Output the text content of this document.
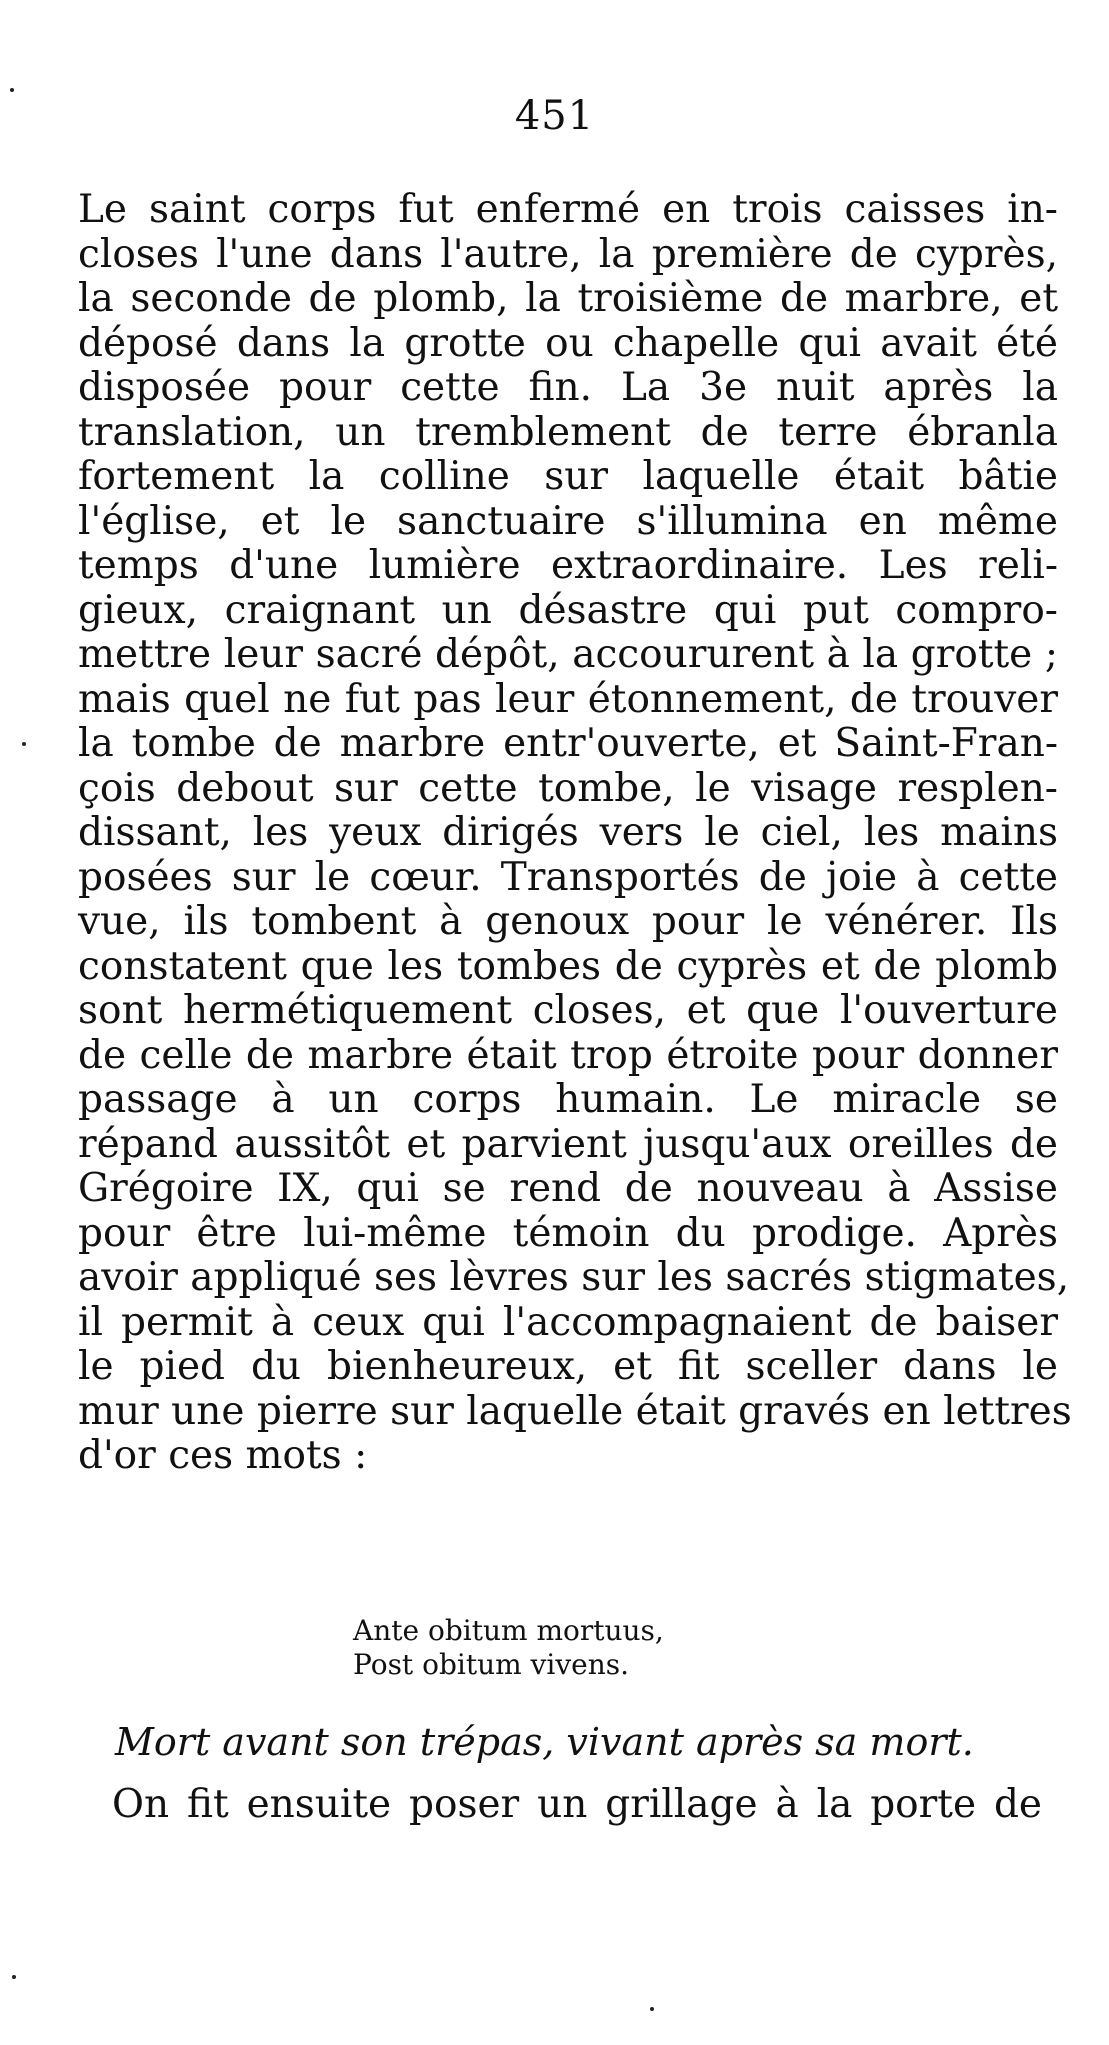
451
Le saint corps fut enfermé en trois caisses in-
closes l'une dans l'autre, la première de cyprès,
la seconde de plomb, la troisième de marbre, et
déposé dans la grotte ou chapelle qui avait été
disposée pour cette fin. La 3e nuit après la
translation, un tremblement de terre ébranla
fortement la colline sur laquelle était bâtie
l'église, et le sanctuaire s'illumina en même
temps d'une lumière extraordinaire. Les reli-
gieux, craignant un désastre qui put compro-
mettre leur sacré dépôt, accoururent à la grotte ;
mais quel ne fut pas leur étonnement, de trouver
la tombe de marbre entr'ouverte, et Saint-Fran-
çois debout sur cette tombe, le visage resplen-
dissant, les yeux dirigés vers le ciel, les mains
posées sur le cœur. Transportés de joie à cette
vue, ils tombent à genoux pour le vénérer. Ils
constatent que les tombes de cyprès et de plomb
sont hermétiquement closes, et que l'ouverture
de celle de marbre était trop étroite pour donner
passage à un corps humain. Le miracle se
répand aussitôt et parvient jusqu'aux oreilles de
Grégoire IX, qui se rend de nouveau à Assise
pour être lui-même témoin du prodige. Après
avoir appliqué ses lèvres sur les sacrés stigmates,
il permit à ceux qui l'accompagnaient de baiser
le pied du bienheureux, et fit sceller dans le
mur une pierre sur laquelle était gravés en lettres
d'or ces mots :
Ante obitum mortuus,
Post obitum vivens.
Mort avant son trépas, vivant après sa mort.
On fit ensuite poser un grillage à la porte de
